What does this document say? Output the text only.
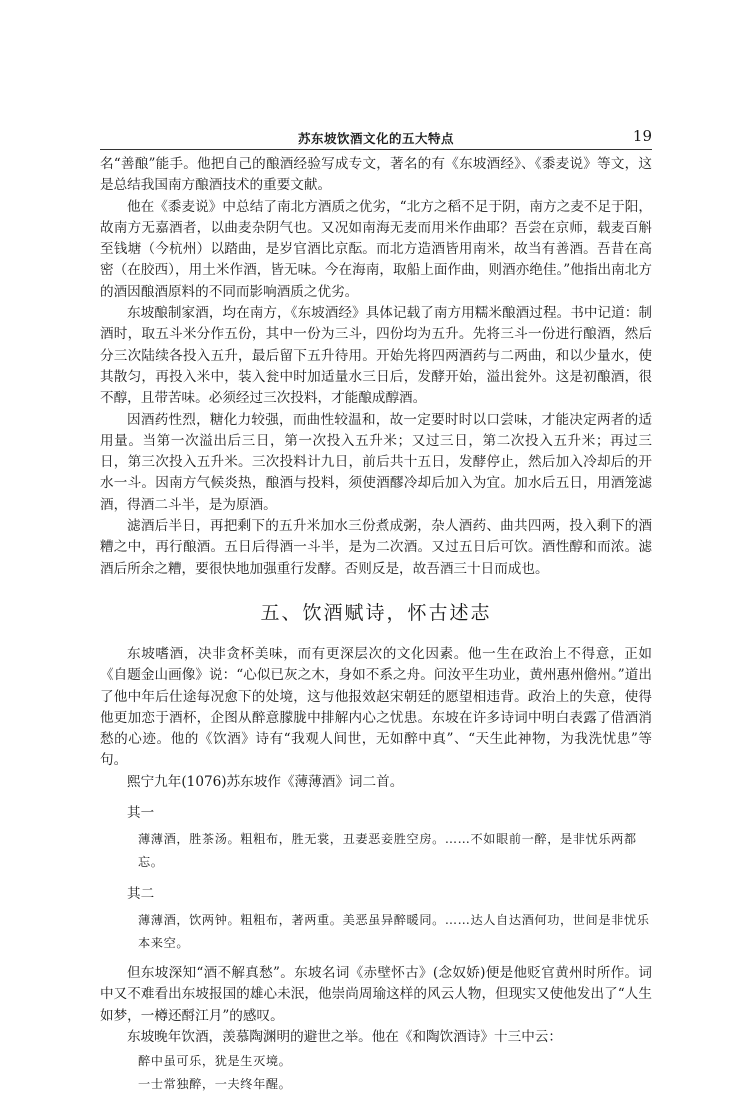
苏东坡饮酒文化的五大特点	19

名“善酿”能手。他把自己的酿酒经验写成专文，著名的有《东坡酒经》、《黍麦说》等文，这是总结我国南方酿酒技术的重要文献。

他在《黍麦说》中总结了南北方酒质之优劣，“北方之稻不足于阴，南方之麦不足于阳，故南方无嘉酒者，以曲麦杂阴气也。又况如南海无麦而用米作曲耶？吾尝在京师，载麦百斛至钱塘（今杭州）以踏曲，是岁官酒比京酝。而北方造酒皆用南米，故当有善酒。吾昔在高密（在胶西），用土米作酒，皆无味。今在海南，取船上面作曲，则酒亦绝佳。”他指出南北方的酒因酿酒原料的不同而影响酒质之优劣。

东坡酿制家酒，均在南方，《东坡酒经》具体记载了南方用糯米酿酒过程。书中记道：制酒时，取五斗米分作五份，其中一份为三斗，四份均为五升。先将三斗一份进行酿酒，然后分三次陆续各投入五升，最后留下五升待用。开始先将四两酒药与二两曲，和以少量水，使其散匀，再投入米中，装入瓮中时加适量水三日后，发酵开始，溢出瓮外。这是初酿酒，很不醇，且带苦味。必须经过三次投料，才能酿成醇酒。

因酒药性烈，糖化力较强，而曲性较温和，故一定要时时以口尝味，才能决定两者的适用量。当第一次溢出后三日，第一次投入五升米；又过三日，第二次投入五升米；再过三日，第三次投入五升米。三次投料计九日，前后共十五日，发酵停止，然后加入冷却后的开水一斗。因南方气候炎热，酿酒与投料，须使酒醪冷却后加入为宜。加水后五日，用酒笼滤酒，得酒二斗半，是为原酒。

滤酒后半日，再把剩下的五升米加水三份煮成粥，杂人酒药、曲共四两，投入剩下的酒糟之中，再行酿酒。五日后得酒一斗半，是为二次酒。又过五日后可饮。酒性醇和而浓。滤酒后所余之糟，要很快地加强重行发酵。否则反是，故吾酒三十日而成也。

五、饮酒赋诗，怀古述志

东坡嗜酒，决非贪杯美味，而有更深层次的文化因素。他一生在政治上不得意，正如《自题金山画像》说：“心似已灰之木，身如不系之舟。问汝平生功业，黄州惠州儋州。”道出了他中年后仕途每况愈下的处境，这与他报效赵宋朝廷的愿望相违背。政治上的失意，使得他更加恋于酒杯，企图从醉意朦胧中排解内心之忧患。东坡在许多诗词中明白表露了借酒消愁的心迹。他的《饮酒》诗有“我观人间世，无如醉中真”、“天生此神物，为我洗忧患”等句。

熙宁九年(1076)苏东坡作《薄薄酒》词二首。

其一
薄薄酒，胜茶汤。粗粗布，胜无裳，丑妻恶妾胜空房。……不如眼前一醉，是非忧乐两都忘。
其二
薄薄酒，饮两钟。粗粗布，著两重。美恶虽异醉暖同。……达人自达酒何功，世间是非忧乐本来空。

但东坡深知“酒不解真愁”。东坡名词《赤壁怀古》(念奴娇)便是他贬官黄州时所作。词中又不难看出东坡报国的雄心未泯，他崇尚周瑜这样的风云人物，但现实又使他发出了“人生如梦，一樽还酹江月”的感叹。

东坡晚年饮酒，羡慕陶渊明的避世之举。他在《和陶饮酒诗》十三中云：

醉中虽可乐，犹是生灭境。
一士常独醉，一夫终年醒。
